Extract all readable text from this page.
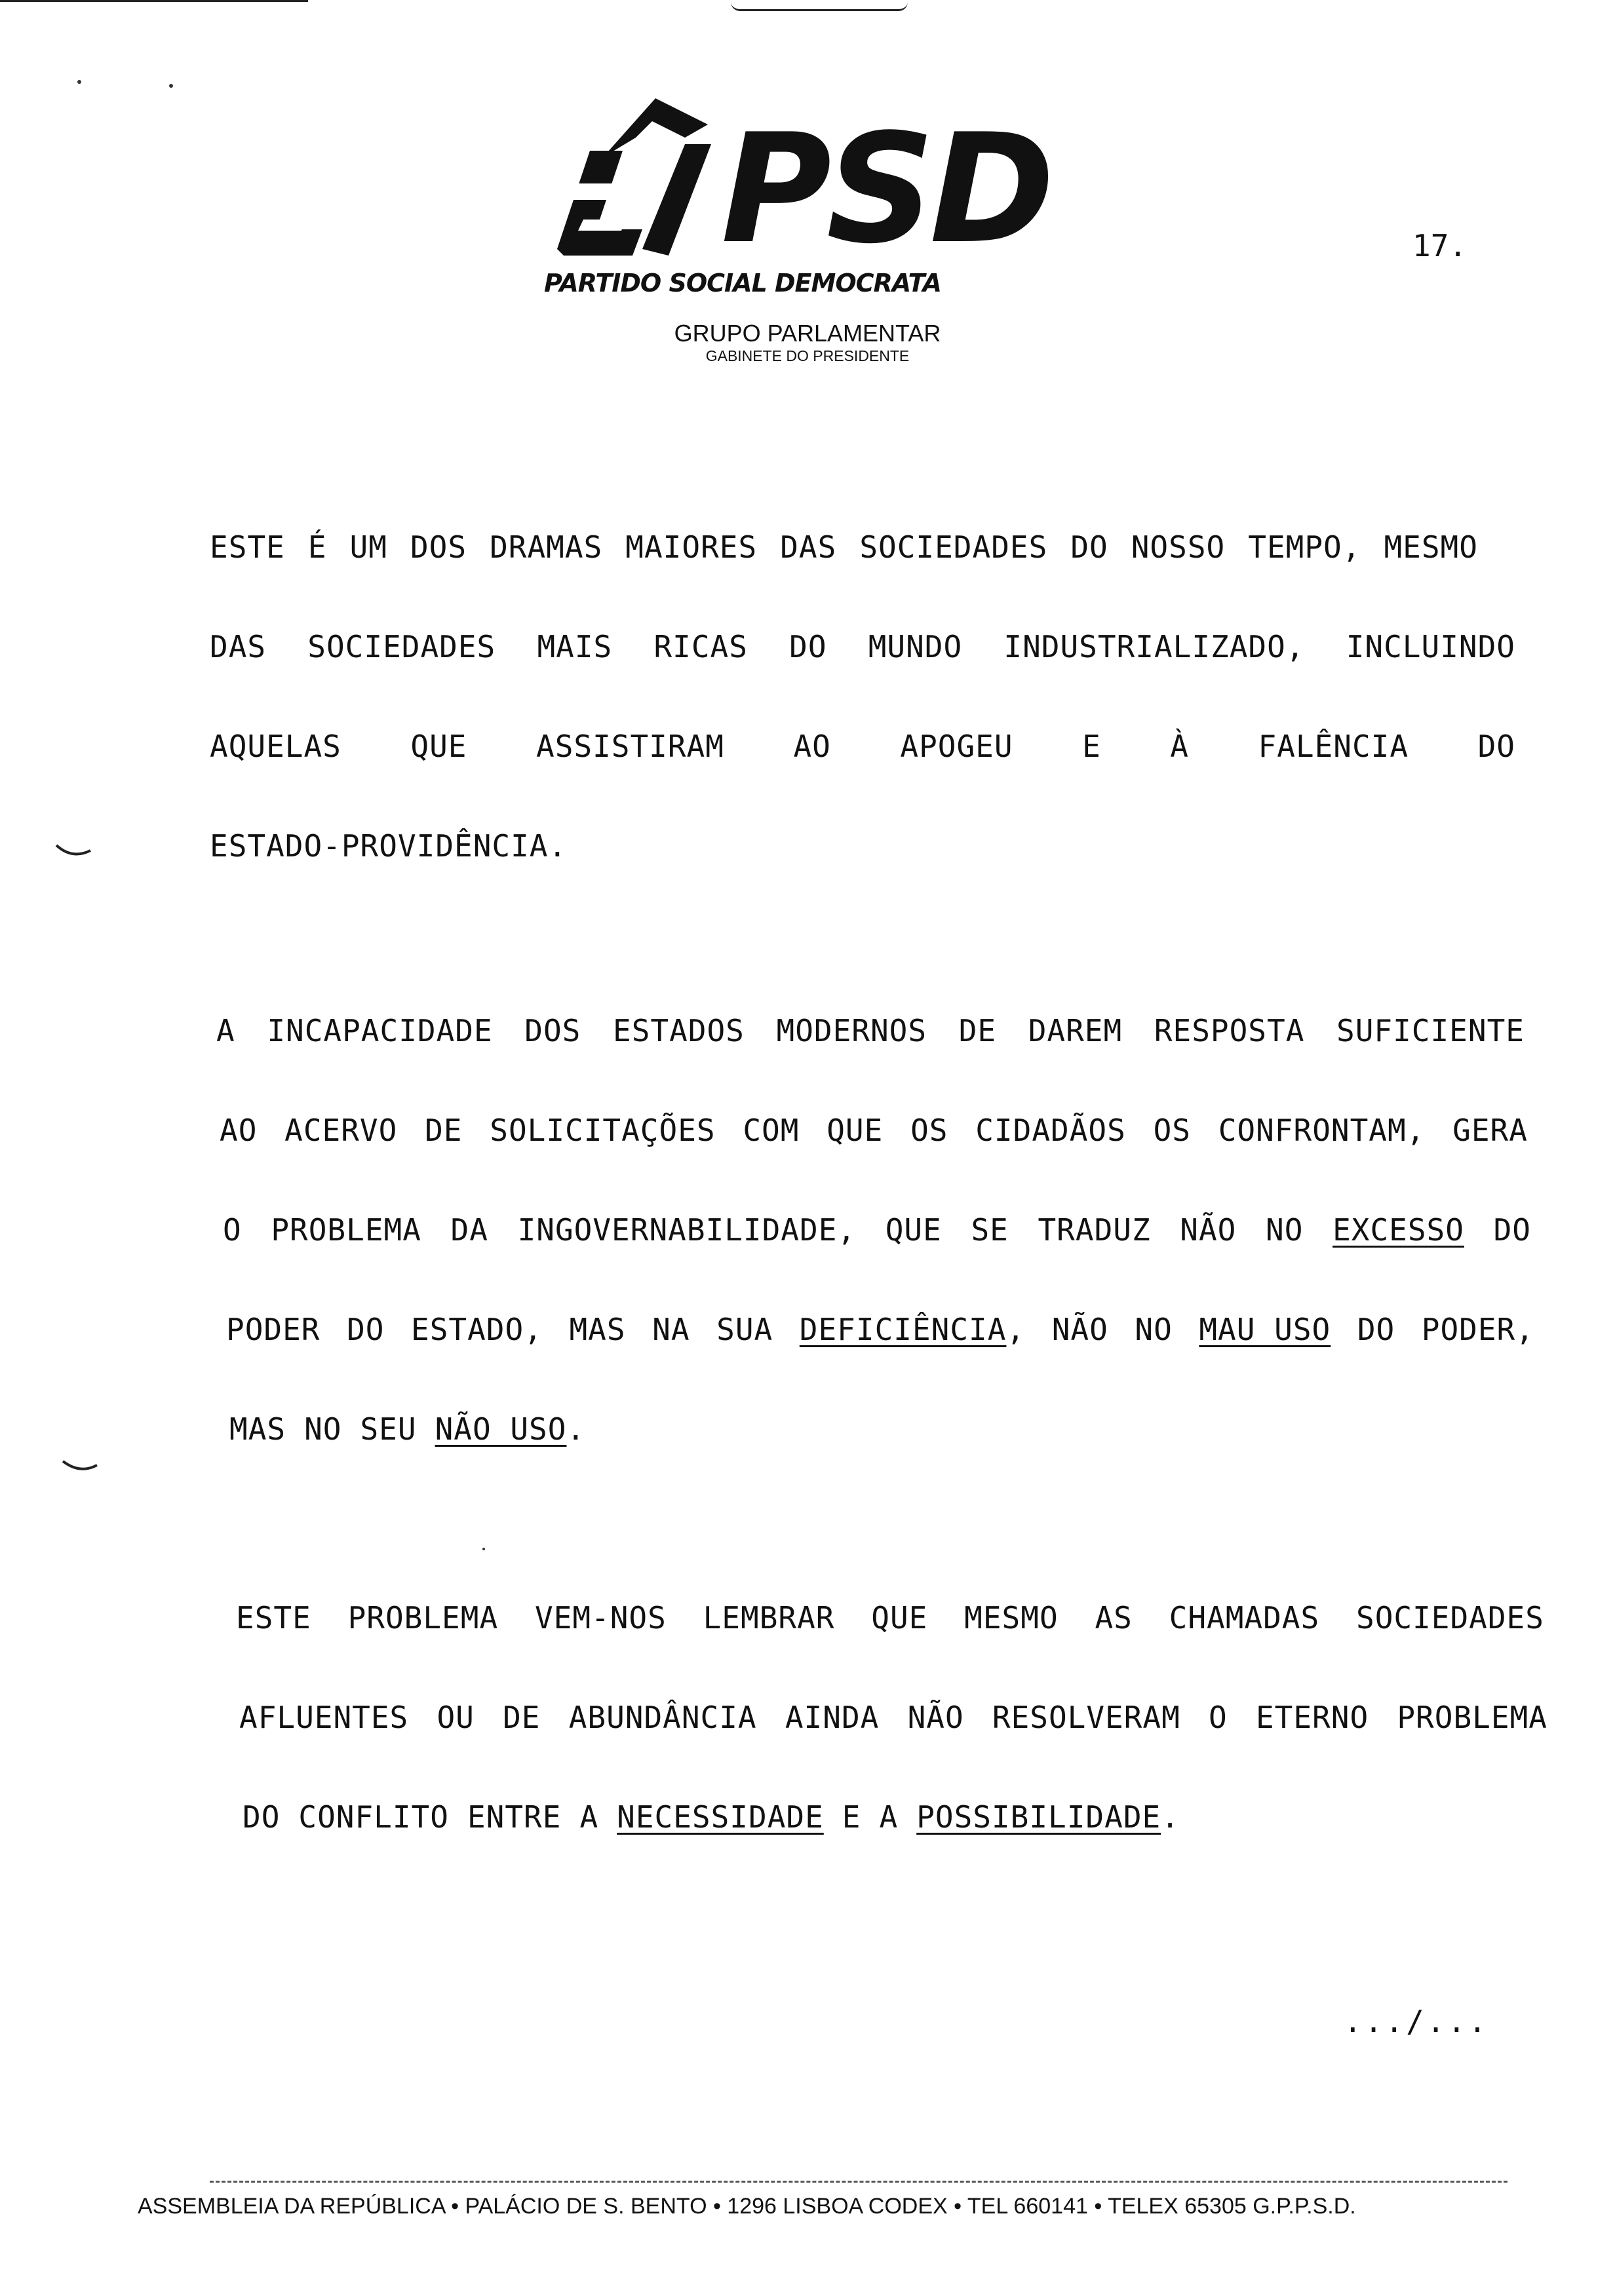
PSD
PARTIDO SOCIAL DEMOCRATA
GRUPO PARLAMENTAR
GABINETE DO PRESIDENTE
17.
ESTE É UM DOS DRAMAS MAIORES DAS SOCIEDADES DO NOSSO TEMPO, MESMO
DAS SOCIEDADES MAIS RICAS DO MUNDO INDUSTRIALIZADO, INCLUINDO
AQUELAS QUE ASSISTIRAM AO APOGEU E À FALÊNCIA DO
ESTADO-PROVIDÊNCIA.
A INCAPACIDADE DOS ESTADOS MODERNOS DE DAREM RESPOSTA SUFICIENTE
AO ACERVO DE SOLICITAÇÕES COM QUE OS CIDADÃOS OS CONFRONTAM, GERA
O PROBLEMA DA INGOVERNABILIDADE, QUE SE TRADUZ NÃO NO EXCESSO DO
PODER DO ESTADO, MAS NA SUA DEFICIÊNCIA, NÃO NO MAU USO DO PODER,
MAS NO SEU NÃO USO.
ESTE PROBLEMA VEM-NOS LEMBRAR QUE MESMO AS CHAMADAS SOCIEDADES
AFLUENTES OU DE ABUNDÂNCIA AINDA NÃO RESOLVERAM O ETERNO PROBLEMA
DO CONFLITO ENTRE A NECESSIDADE E A POSSIBILIDADE.
.../...
ASSEMBLEIA DA REPÚBLICA • PALÁCIO DE S. BENTO • 1296 LISBOA CODEX • TEL 660141 • TELEX 65305 G.P.P.S.D.
